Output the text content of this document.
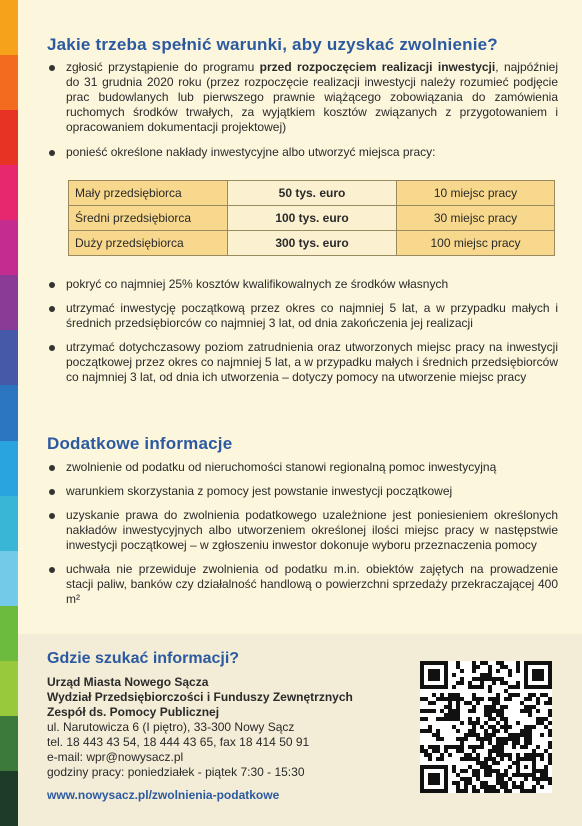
Jakie trzeba spełnić warunki, aby uzyskać zwolnienie?
zgłosić przystąpienie do programu przed rozpoczęciem realizacji inwestycji, najpóźniej do 31 grudnia 2020 roku (przez rozpoczęcie realizacji inwestycji należy rozumieć podjęcie prac budowlanych lub pierwszego prawnie wiążącego zobowiązania do zamówienia ruchomych środków trwałych, za wyjątkiem kosztów związanych z przygotowaniem i opracowaniem dokumentacji projektowej)
ponieść określone nakłady inwestycyjne albo utworzyć miejsca pracy:
Mały przedsiębiorca	50 tys. euro	10 miejsc pracy
Średni przedsiębiorca	100 tys. euro	30 miejsc pracy
Duży przedsiębiorca	300 tys. euro	100 miejsc pracy
pokryć co najmniej 25% kosztów kwalifikowalnych ze środków własnych
utrzymać inwestycję początkową przez okres co najmniej 5 lat, a w przypadku małych i średnich przedsiębiorców co najmniej 3 lat, od dnia zakończenia jej realizacji
utrzymać dotychczasowy poziom zatrudnienia oraz utworzonych miejsc pracy na inwestycji początkowej przez okres co najmniej 5 lat, a w przypadku małych i średnich przedsiębiorców co najmniej 3 lat, od dnia ich utworzenia – dotyczy pomocy na utworzenie miejsc pracy
Dodatkowe informacje
zwolnienie od podatku od nieruchomości stanowi regionalną pomoc inwestycyjną
warunkiem skorzystania z pomocy jest powstanie inwestycji początkowej
uzyskanie prawa do zwolnienia podatkowego uzależnione jest poniesieniem określonych nakładów inwestycyjnych albo utworzeniem określonej ilości miejsc pracy w następstwie inwestycji początkowej – w zgłoszeniu inwestor dokonuje wyboru przeznaczenia pomocy
uchwała nie przewiduje zwolnienia od podatku m.in. obiektów zajętych na prowadzenie stacji paliw, banków czy działalność handlową o powierzchni sprzedaży przekraczającej 400 m²
Gdzie szukać informacji?
Urząd Miasta Nowego Sącza
Wydział Przedsiębiorczości i Funduszy Zewnętrznych
Zespół ds. Pomocy Publicznej
ul. Narutowicza 6 (I piętro), 33-300 Nowy Sącz
tel. 18 443 43 54, 18 444 43 65, fax 18 414 50 91
e-mail: wpr@nowysacz.pl
godziny pracy: poniedziałek - piątek 7:30 - 15:30
www.nowysacz.pl/zwolnienia-podatkowe
